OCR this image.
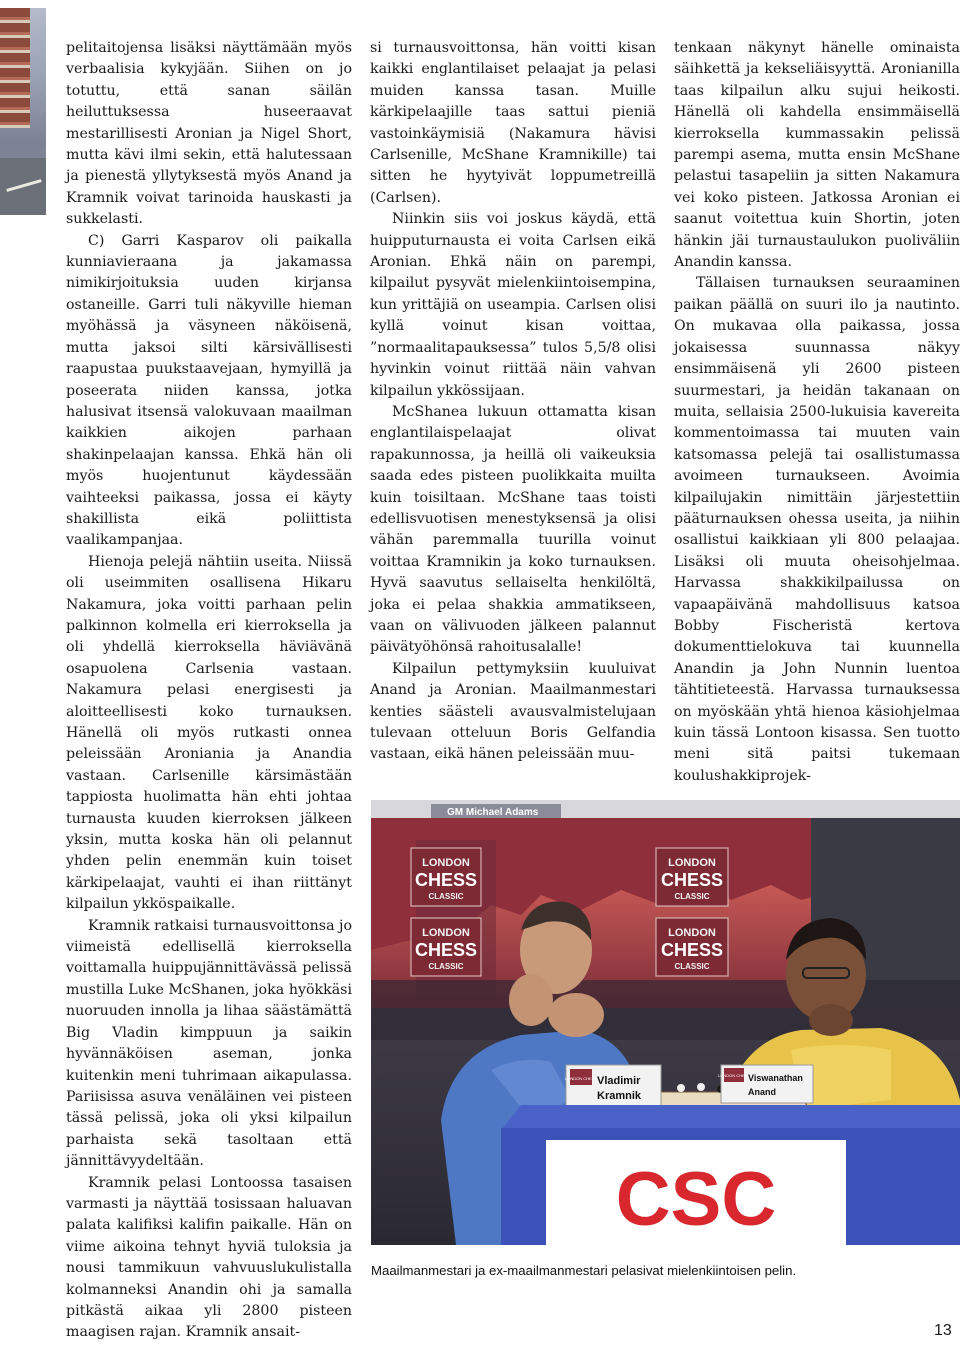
pelitaitojensa lisäksi näyttämään myös verbaalisia kykyjään. Siihen on jo totuttu, että sanan säilän heiluttuksessa huseeraavat mestarillisesti Aronian ja Nigel Short, mutta kävi ilmi sekin, että halutessaan ja pienestä yllytyksestä myös Anand ja Kramnik voivat tarinoida hauskasti ja sukkelasti.

C) Garri Kasparov oli paikalla kunniavieraana ja jakamassa nimikirjoituksia uuden kirjansa ostaneille. Garri tuli näkyville hieman myöhässä ja väsyneen näköisenä, mutta jaksoi silti kärsivällisesti raapustaa puukstaavejaan, hymyillä ja poseerata niiden kanssa, jotka halusivat itsensä valokuvaan maailman kaikkien aikojen parhaan shakinpelaajan kanssa. Ehkä hän oli myös huojentunut käydessään vaihteeksi paikassa, jossa ei käyty shakillista eikä poliittista vaalikampanjaa.

Hienoja pelejä nähtiin useita. Niissä oli useimmiten osallisena Hikaru Nakamura, joka voitti parhaan pelin palkinnon kolmella eri kierroksella ja oli yhdellä kierroksella häviävänä osapuolena Carlsenia vastaan. Nakamura pelasi energisesti ja aloitteellisesti koko turnauksen. Hänellä oli myös rutkasti onnea peleissään Aroniania ja Anandia vastaan. Carlsenille kärsimästään tappiosta huolimatta hän ehti johtaa turnausta kuuden kierroksen jälkeen yksin, mutta koska hän oli pelannut yhden pelin enemmän kuin toiset kärkipelaajat, vauhti ei ihan riittänyt kilpailun ykköspaikalle.

Kramnik ratkaisi turnausvoittonsa jo viimeistä edellisellä kierroksella voittamalla huippujännittävässä pelissä mustilla Luke McShanen, joka hyökkäsi nuoruuden innolla ja lihaa säästämättä Big Vladin kimppuun ja saikin hyvännäköisen aseman, jonka kuitenkin meni tuhrimaan aikapulassa. Pariisissa asuva venäläinen vei pisteen tässä pelissä, joka oli yksi kilpailun parhaista sekä tasoltaan että jännittävyydeltään.

Kramnik pelasi Lontoossa tasaisen varmasti ja näyttää tosissaan haluavan palata kalifiksi kalifin paikalle. Hän on viime aikoina tehnyt hyviä tuloksia ja nousi tammikuun vahvuuslukulistalla kolmanneksi Anandin ohi ja samalla pitkästä aikaa yli 2800 pisteen maagisen rajan. Kramnik ansait-

si turnausvoittonsa, hän voitti kisan kaikki englantilaiset pelaajat ja pelasi muiden kanssa tasan. Muille kärkipelaajille taas sattui pieniä vastoinkäymisiä (Nakamura hävisi Carlsenille, McShane Kramnikille) tai sitten he hyytyivät loppumetreillä (Carlsen).

Niinkin siis voi joskus käydä, että huipputurnausta ei voita Carlsen eikä Aronian. Ehkä näin on parempi, kilpailut pysyvät mielenkiintoisempina, kun yrittäjiä on useampia. Carlsen olisi kyllä voinut kisan voittaa, ”normaalitapauksessa” tulos 5,5/8 olisi hyvinkin voinut riittää näin vahvan kilpailun ykkössijaan.

McShanea lukuun ottamatta kisan englantilaispelaajat olivat rapakunnossa, ja heillä oli vaikeuksia saada edes pisteen puolikkaita muilta kuin toisiltaan. McShane taas toisti edellisvuotisen menestyksensä ja olisi vähän paremmalla tuurilla voinut voittaa Kramnikin ja koko turnauksen. Hyvä saavutus sellaiselta henkilöltä, joka ei pelaa shakkia ammatikseen, vaan on välivuoden jälkeen palannut päivätyöhönsä rahoitusalalle!

Kilpailun pettymyksiin kuuluivat Anand ja Aronian. Maailmanmestari kenties säästeli avausvalmistelujaan tulevaan otteluun Boris Gelfandia vastaan, eikä hänen peleissään muu-

tenkaan näkynyt hänelle ominaista säihkettä ja kekseliäisyyttä. Aronianilla taas kilpailun alku sujui heikosti. Hänellä oli kahdella ensimmäisellä kierroksella kummassakin pelissä parempi asema, mutta ensin McShane pelastui tasapeliin ja sitten Nakamura vei koko pisteen. Jatkossa Aronian ei saanut voitettua kuin Shortin, joten hänkin jäi turnaustaulukon puoliväliin Anandin kanssa.

Tällaisen turnauksen seuraaminen paikan päällä on suuri ilo ja nautinto. On mukavaa olla paikassa, jossa jokaisessa suunnassa näkyy ensimmäisenä yli 2600 pisteen suurmestari, ja heidän takanaan on muita, sellaisia 2500-lukuisia kavereita kommentoimassa tai muuten vain katsomassa pelejä tai osallistumassa avoimeen turnaukseen. Avoimia kilpailujakin nimittäin järjestettiin pääturnauksen ohessa useita, ja niihin osallistui kaikkiaan yli 800 pelaajaa. Lisäksi oli muuta oheisohjelmaa. Harvassa shakkikilpailussa on vapaapäivänä mahdollisuus katsoa Bobby Fischeristä kertova dokumenttielokuva tai kuunnella Anandin ja John Nunnin luentoa tähtitieteestä. Harvassa turnauksessa on myöskään yhtä hienoa käsiohjelmaa kuin tässä Lontoon kisassa. Sen tuotto meni sitä paitsi tukemaan koulushakkiprojek-

GM Michael Adams
LONDON
CHESS
CLASSIC
LONDON
CHESS
CLASSIC
LONDON
CHESS
CLASSIC
LONDON
CHESS
CLASSIC
LONDON CHESS Vladimir
Kramnik
LONDON CHESS
Viswanathan
Anand
CSC
Maailmanmestari ja ex-maailmanmestari pelasivat mielenkiintoisen pelin.
13
